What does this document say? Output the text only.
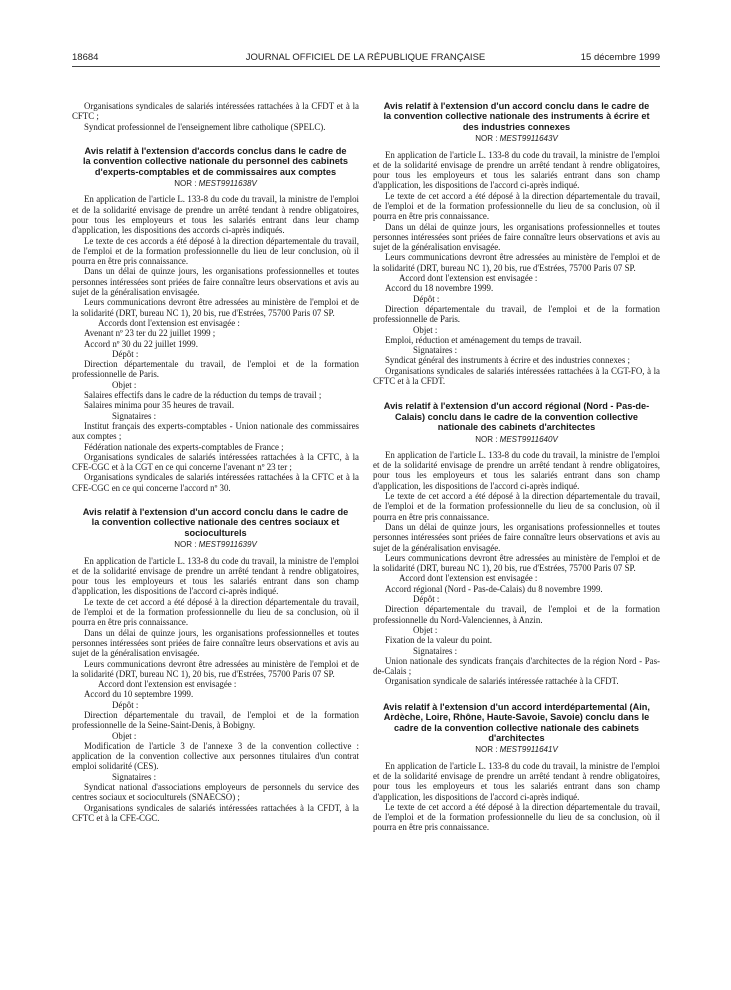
18684	JOURNAL OFFICIEL DE LA RÉPUBLIQUE FRANÇAISE	15 décembre 1999

Organisations syndicales de salariés intéressées rattachées à la CFDT et à la CFTC ;

Syndicat professionnel de l'enseignement libre catholique (SPELC).

Avis relatif à l'extension d'accords conclus dans le cadre de la convention collective nationale du personnel des cabinets d'experts-comptables et de commissaires aux comptes

NOR : MEST9911638V

En application de l'article L. 133-8 du code du travail, la ministre de l'emploi et de la solidarité envisage de prendre un arrêté tendant à rendre obligatoires, pour tous les employeurs et tous les salariés entrant dans leur champ d'application, les dispositions des accords ci-après indiqués.

Le texte de ces accords a été déposé à la direction départementale du travail, de l'emploi et de la formation professionnelle du lieu de leur conclusion, où il pourra en être pris connaissance.

Dans un délai de quinze jours, les organisations professionnelles et toutes personnes intéressées sont priées de faire connaître leurs observations et avis au sujet de la généralisation envisagée.

Leurs communications devront être adressées au ministère de l'emploi et de la solidarité (DRT, bureau NC 1), 20 bis, rue d'Estrées, 75700 Paris 07 SP.

Accords dont l'extension est envisagée :

Avenant nº 23 ter du 22 juillet 1999 ;

Accord nº 30 du 22 juillet 1999.

Dépôt :

Direction départementale du travail, de l'emploi et de la formation professionnelle de Paris.

Objet :

Salaires effectifs dans le cadre de la réduction du temps de travail ;

Salaires minima pour 35 heures de travail.

Signataires :

Institut français des experts-comptables - Union nationale des commissaires aux comptes ;

Fédération nationale des experts-comptables de France ;

Organisations syndicales de salariés intéressées rattachées à la CFTC, à la CFE-CGC et à la CGT en ce qui concerne l'avenant nº 23 ter ;

Organisations syndicales de salariés intéressées rattachées à la CFTC et à la CFE-CGC en ce qui concerne l'accord nº 30.

Avis relatif à l'extension d'un accord conclu dans le cadre de la convention collective nationale des centres sociaux et socioculturels

NOR : MEST9911639V

En application de l'article L. 133-8 du code du travail, la ministre de l'emploi et de la solidarité envisage de prendre un arrêté tendant à rendre obligatoires, pour tous les employeurs et tous les salariés entrant dans son champ d'application, les dispositions de l'accord ci-après indiqué.

Le texte de cet accord a été déposé à la direction départementale du travail, de l'emploi et de la formation professionnelle du lieu de sa conclusion, où il pourra en être pris connaissance.

Dans un délai de quinze jours, les organisations professionnelles et toutes personnes intéressées sont priées de faire connaître leurs observations et avis au sujet de la généralisation envisagée.

Leurs communications devront être adressées au ministère de l'emploi et de la solidarité (DRT, bureau NC 1), 20 bis, rue d'Estrées, 75700 Paris 07 SP.

Accord dont l'extension est envisagée :

Accord du 10 septembre 1999.

Dépôt :

Direction départementale du travail, de l'emploi et de la formation professionnelle de la Seine-Saint-Denis, à Bobigny.

Objet :

Modification de l'article 3 de l'annexe 3 de la convention collective : application de la convention collective aux personnes titulaires d'un contrat emploi solidarité (CES).

Signataires :

Syndicat national d'associations employeurs de personnels du service des centres sociaux et socioculturels (SNAECSO) ;

Organisations syndicales de salariés intéressées rattachées à la CFDT, à la CFTC et à la CFE-CGC.

Avis relatif à l'extension d'un accord conclu dans le cadre de la convention collective nationale des instruments à écrire et des industries connexes

NOR : MEST9911643V

En application de l'article L. 133-8 du code du travail, la ministre de l'emploi et de la solidarité envisage de prendre un arrêté tendant à rendre obligatoires, pour tous les employeurs et tous les salariés entrant dans son champ d'application, les dispositions de l'accord ci-après indiqué.

Le texte de cet accord a été déposé à la direction départementale du travail, de l'emploi et de la formation professionnelle du lieu de sa conclusion, où il pourra en être pris connaissance.

Dans un délai de quinze jours, les organisations professionnelles et toutes personnes intéressées sont priées de faire connaître leurs observations et avis au sujet de la généralisation envisagée.

Leurs communications devront être adressées au ministère de l'emploi et de la solidarité (DRT, bureau NC 1), 20 bis, rue d'Estrées, 75700 Paris 07 SP.

Accord dont l'extension est envisagée :

Accord du 18 novembre 1999.

Dépôt :

Direction départementale du travail, de l'emploi et de la formation professionnelle de Paris.

Objet :

Emploi, réduction et aménagement du temps de travail.

Signataires :

Syndicat général des instruments à écrire et des industries connexes ;

Organisations syndicales de salariés intéressées rattachées à la CGT-FO, à la CFTC et à la CFDT.

Avis relatif à l'extension d'un accord régional (Nord - Pas-de-Calais) conclu dans le cadre de la convention collective nationale des cabinets d'architectes

NOR : MEST9911640V

En application de l'article L. 133-8 du code du travail, la ministre de l'emploi et de la solidarité envisage de prendre un arrêté tendant à rendre obligatoires, pour tous les employeurs et tous les salariés entrant dans son champ d'application, les dispositions de l'accord ci-après indiqué.

Le texte de cet accord a été déposé à la direction départementale du travail, de l'emploi et de la formation professionnelle du lieu de sa conclusion, où il pourra en être pris connaissance.

Dans un délai de quinze jours, les organisations professionnelles et toutes personnes intéressées sont priées de faire connaître leurs observations et avis au sujet de la généralisation envisagée.

Leurs communications devront être adressées au ministère de l'emploi et de la solidarité (DRT, bureau NC 1), 20 bis, rue d'Estrées, 75700 Paris 07 SP.

Accord dont l'extension est envisagée :

Accord régional (Nord - Pas-de-Calais) du 8 novembre 1999.

Dépôt :

Direction départementale du travail, de l'emploi et de la formation professionnelle du Nord-Valenciennes, à Anzin.

Objet :

Fixation de la valeur du point.

Signataires :

Union nationale des syndicats français d'architectes de la région Nord - Pas-de-Calais ;

Organisation syndicale de salariés intéressée rattachée à la CFDT.

Avis relatif à l'extension d'un accord interdépartemental (Ain, Ardèche, Loire, Rhône, Haute-Savoie, Savoie) conclu dans le cadre de la convention collective nationale des cabinets d'architectes

NOR : MEST9911641V

En application de l'article L. 133-8 du code du travail, la ministre de l'emploi et de la solidarité envisage de prendre un arrêté tendant à rendre obligatoires, pour tous les employeurs et tous les salariés entrant dans son champ d'application, les dispositions de l'accord ci-après indiqué.

Le texte de cet accord a été déposé à la direction départementale du travail, de l'emploi et de la formation professionnelle du lieu de sa conclusion, où il pourra en être pris connaissance.
